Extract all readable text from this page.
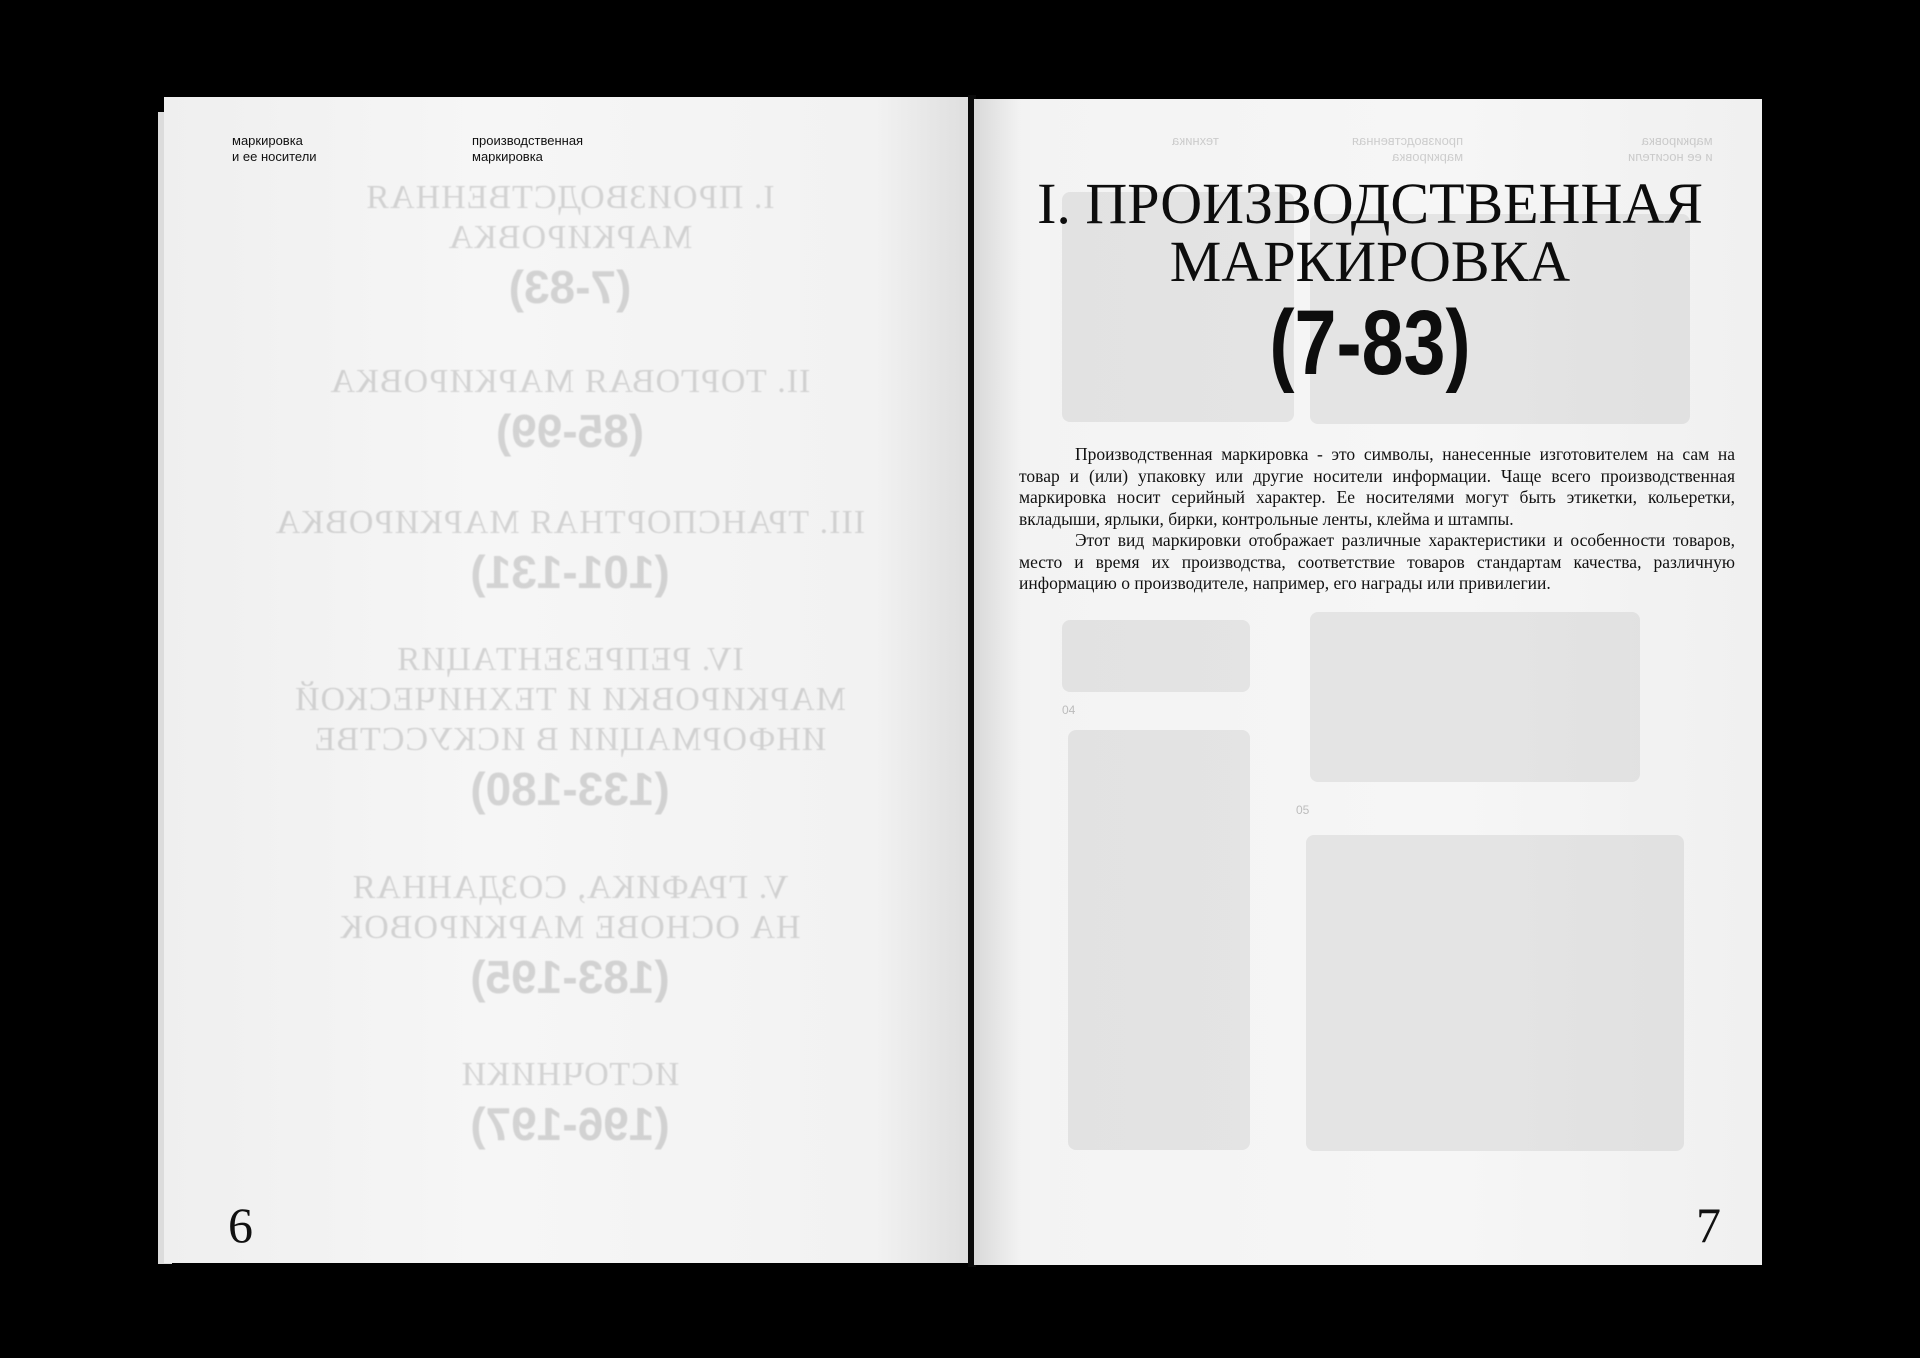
маркировка
и ее носители
производственная
маркировка
I. ПРОИЗВОДСТВЕННАЯ
МАРКИРОВКА
(7-83)
II. ТОРГОВАЯ МАРКИРОВКА
(85-99)
III. ТРАНСПОРТНАЯ МАРКИРОВКА
(101-131)
IV. РЕПРЕЗЕНТАЦИЯ
МАРКИРОВКИ И ТЕХНИЧЕСКОЙ
ИНФОРМАЦИИ В ИСКУССТВЕ
(133-180)
V. ГРАФИКА, СОЗДАННАЯ
НА ОСНОВЕ МАРКИРОВОК
(183-195)
ИСТОЧНИКИ
(196-197)
6
маркировка
и ее носители
производственная
маркировка
техника
04
05
I. ПРОИЗВОДСТВЕННАЯ
МАРКИРОВКА
(7-83)

Производственная маркировка - это символы, нанесенные изготовителем на сам на товар и (или) упаковку или другие носители информации. Чаще всего производственная маркировка носит серийный характер. Ее носителями могут быть этикетки, кольеретки, вкладыши, ярлыки, бирки, контрольные ленты, клейма и штампы.

Этот вид маркировки отображает различные характеристики и особенности товаров, место и время их производства, соответствие товаров стандартам качества, различную информацию о производителе, например, его награды или привилегии.

7
